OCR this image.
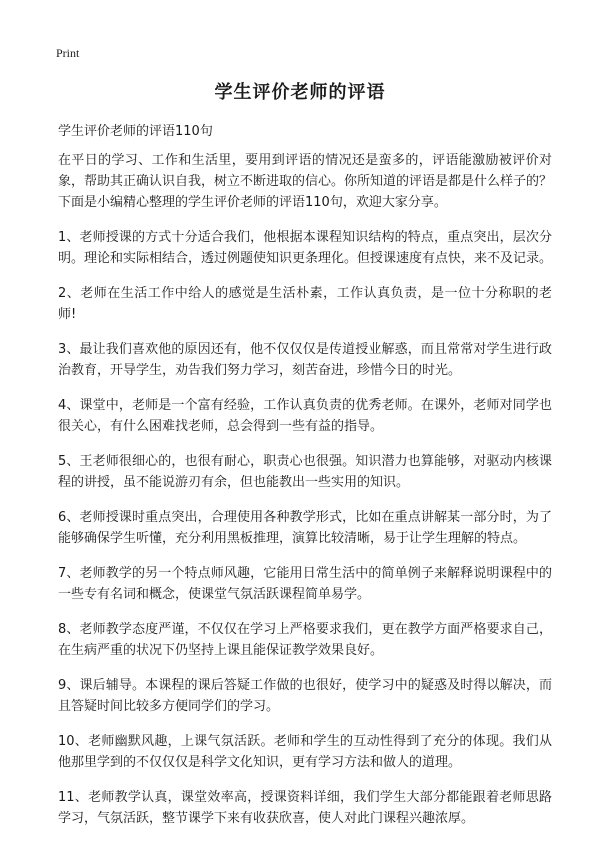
Print
学生评价老师的评语

学生评价老师的评语110句

在平日的学习、工作和生活里，要用到评语的情况还是蛮多的，评语能激励被评价对象，帮助其正确认识自我，树立不断进取的信心。你所知道的评语是都是什么样子的？下面是小编精心整理的学生评价老师的评语110句，欢迎大家分享。

1、老师授课的方式十分适合我们，他根据本课程知识结构的特点，重点突出，层次分明。理论和实际相结合，透过例题使知识更条理化。但授课速度有点快，来不及记录。

2、老师在生活工作中给人的感觉是生活朴素，工作认真负责，是一位十分称职的老师!

3、最让我们喜欢他的原因还有，他不仅仅仅是传道授业解惑，而且常常对学生进行政治教育，开导学生，劝告我们努力学习，刻苦奋进，珍惜今日的时光。

4、课堂中，老师是一个富有经验，工作认真负责的优秀老师。在课外，老师对同学也很关心，有什么困难找老师，总会得到一些有益的指导。

5、王老师很细心的，也很有耐心，职责心也很强。知识潜力也算能够，对驱动内核课程的讲授，虽不能说游刃有余，但也能教出一些实用的知识。

6、老师授课时重点突出，合理使用各种教学形式，比如在重点讲解某一部分时，为了能够确保学生听懂，充分利用黑板推理，演算比较清晰，易于让学生理解的特点。

7、老师教学的另一个特点师风趣，它能用日常生活中的简单例子来解释说明课程中的一些专有名词和概念，使课堂气氛活跃课程简单易学。

8、老师教学态度严谨，不仅仅在学习上严格要求我们，更在教学方面严格要求自己，在生病严重的状况下仍坚持上课且能保证教学效果良好。

9、课后辅导。本课程的课后答疑工作做的也很好，使学习中的疑惑及时得以解决，而且答疑时间比较多方便同学们的学习。

10、老师幽默风趣，上课气氛活跃。老师和学生的互动性得到了充分的体现。我们从他那里学到的不仅仅仅是科学文化知识，更有学习方法和做人的道理。

11、老师教学认真，课堂效率高，授课资料详细，我们学生大部分都能跟着老师思路学习，气氛活跃，整节课学下来有收获欣喜，使人对此门课程兴趣浓厚。
